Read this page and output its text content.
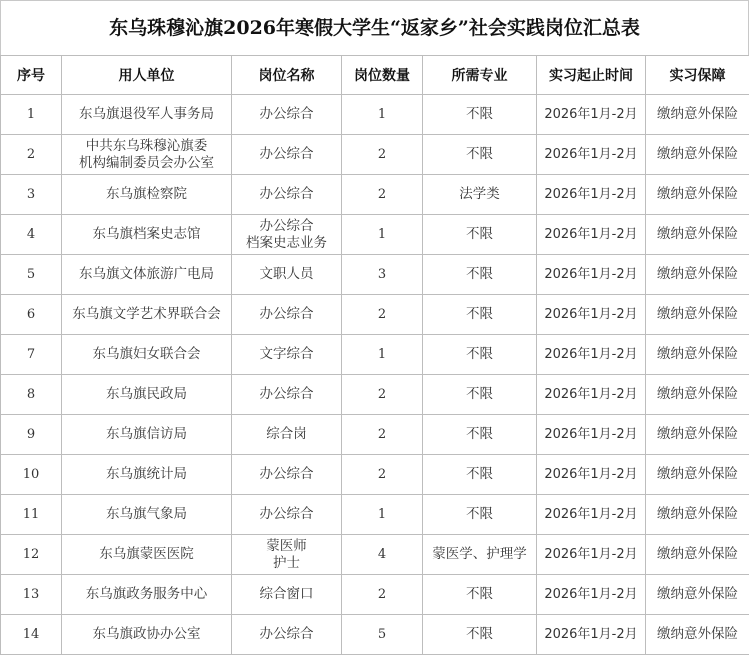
东乌珠穆沁旗2026年寒假大学生“返家乡”社会实践岗位汇总表
序号	用人单位	岗位名称	岗位数量	所需专业	实习起止时间	实习保障
1	东乌旗退役军人事务局	办公综合	1	不限	2026年1月-2月	缴纳意外保险
2	中共东乌珠穆沁旗委
机构编制委员会办公室	办公综合	2	不限	2026年1月-2月	缴纳意外保险
3	东乌旗检察院	办公综合	2	法学类	2026年1月-2月	缴纳意外保险
4	东乌旗档案史志馆	办公综合
档案史志业务	1	不限	2026年1月-2月	缴纳意外保险
5	东乌旗文体旅游广电局	文职人员	3	不限	2026年1月-2月	缴纳意外保险
6	东乌旗文学艺术界联合会	办公综合	2	不限	2026年1月-2月	缴纳意外保险
7	东乌旗妇女联合会	文字综合	1	不限	2026年1月-2月	缴纳意外保险
8	东乌旗民政局	办公综合	2	不限	2026年1月-2月	缴纳意外保险
9	东乌旗信访局	综合岗	2	不限	2026年1月-2月	缴纳意外保险
10	东乌旗统计局	办公综合	2	不限	2026年1月-2月	缴纳意外保险
11	东乌旗气象局	办公综合	1	不限	2026年1月-2月	缴纳意外保险
12	东乌旗蒙医医院	蒙医师
护士	4	蒙医学、护理学	2026年1月-2月	缴纳意外保险
13	东乌旗政务服务中心	综合窗口	2	不限	2026年1月-2月	缴纳意外保险
14	东乌旗政协办公室	办公综合	5	不限	2026年1月-2月	缴纳意外保险
